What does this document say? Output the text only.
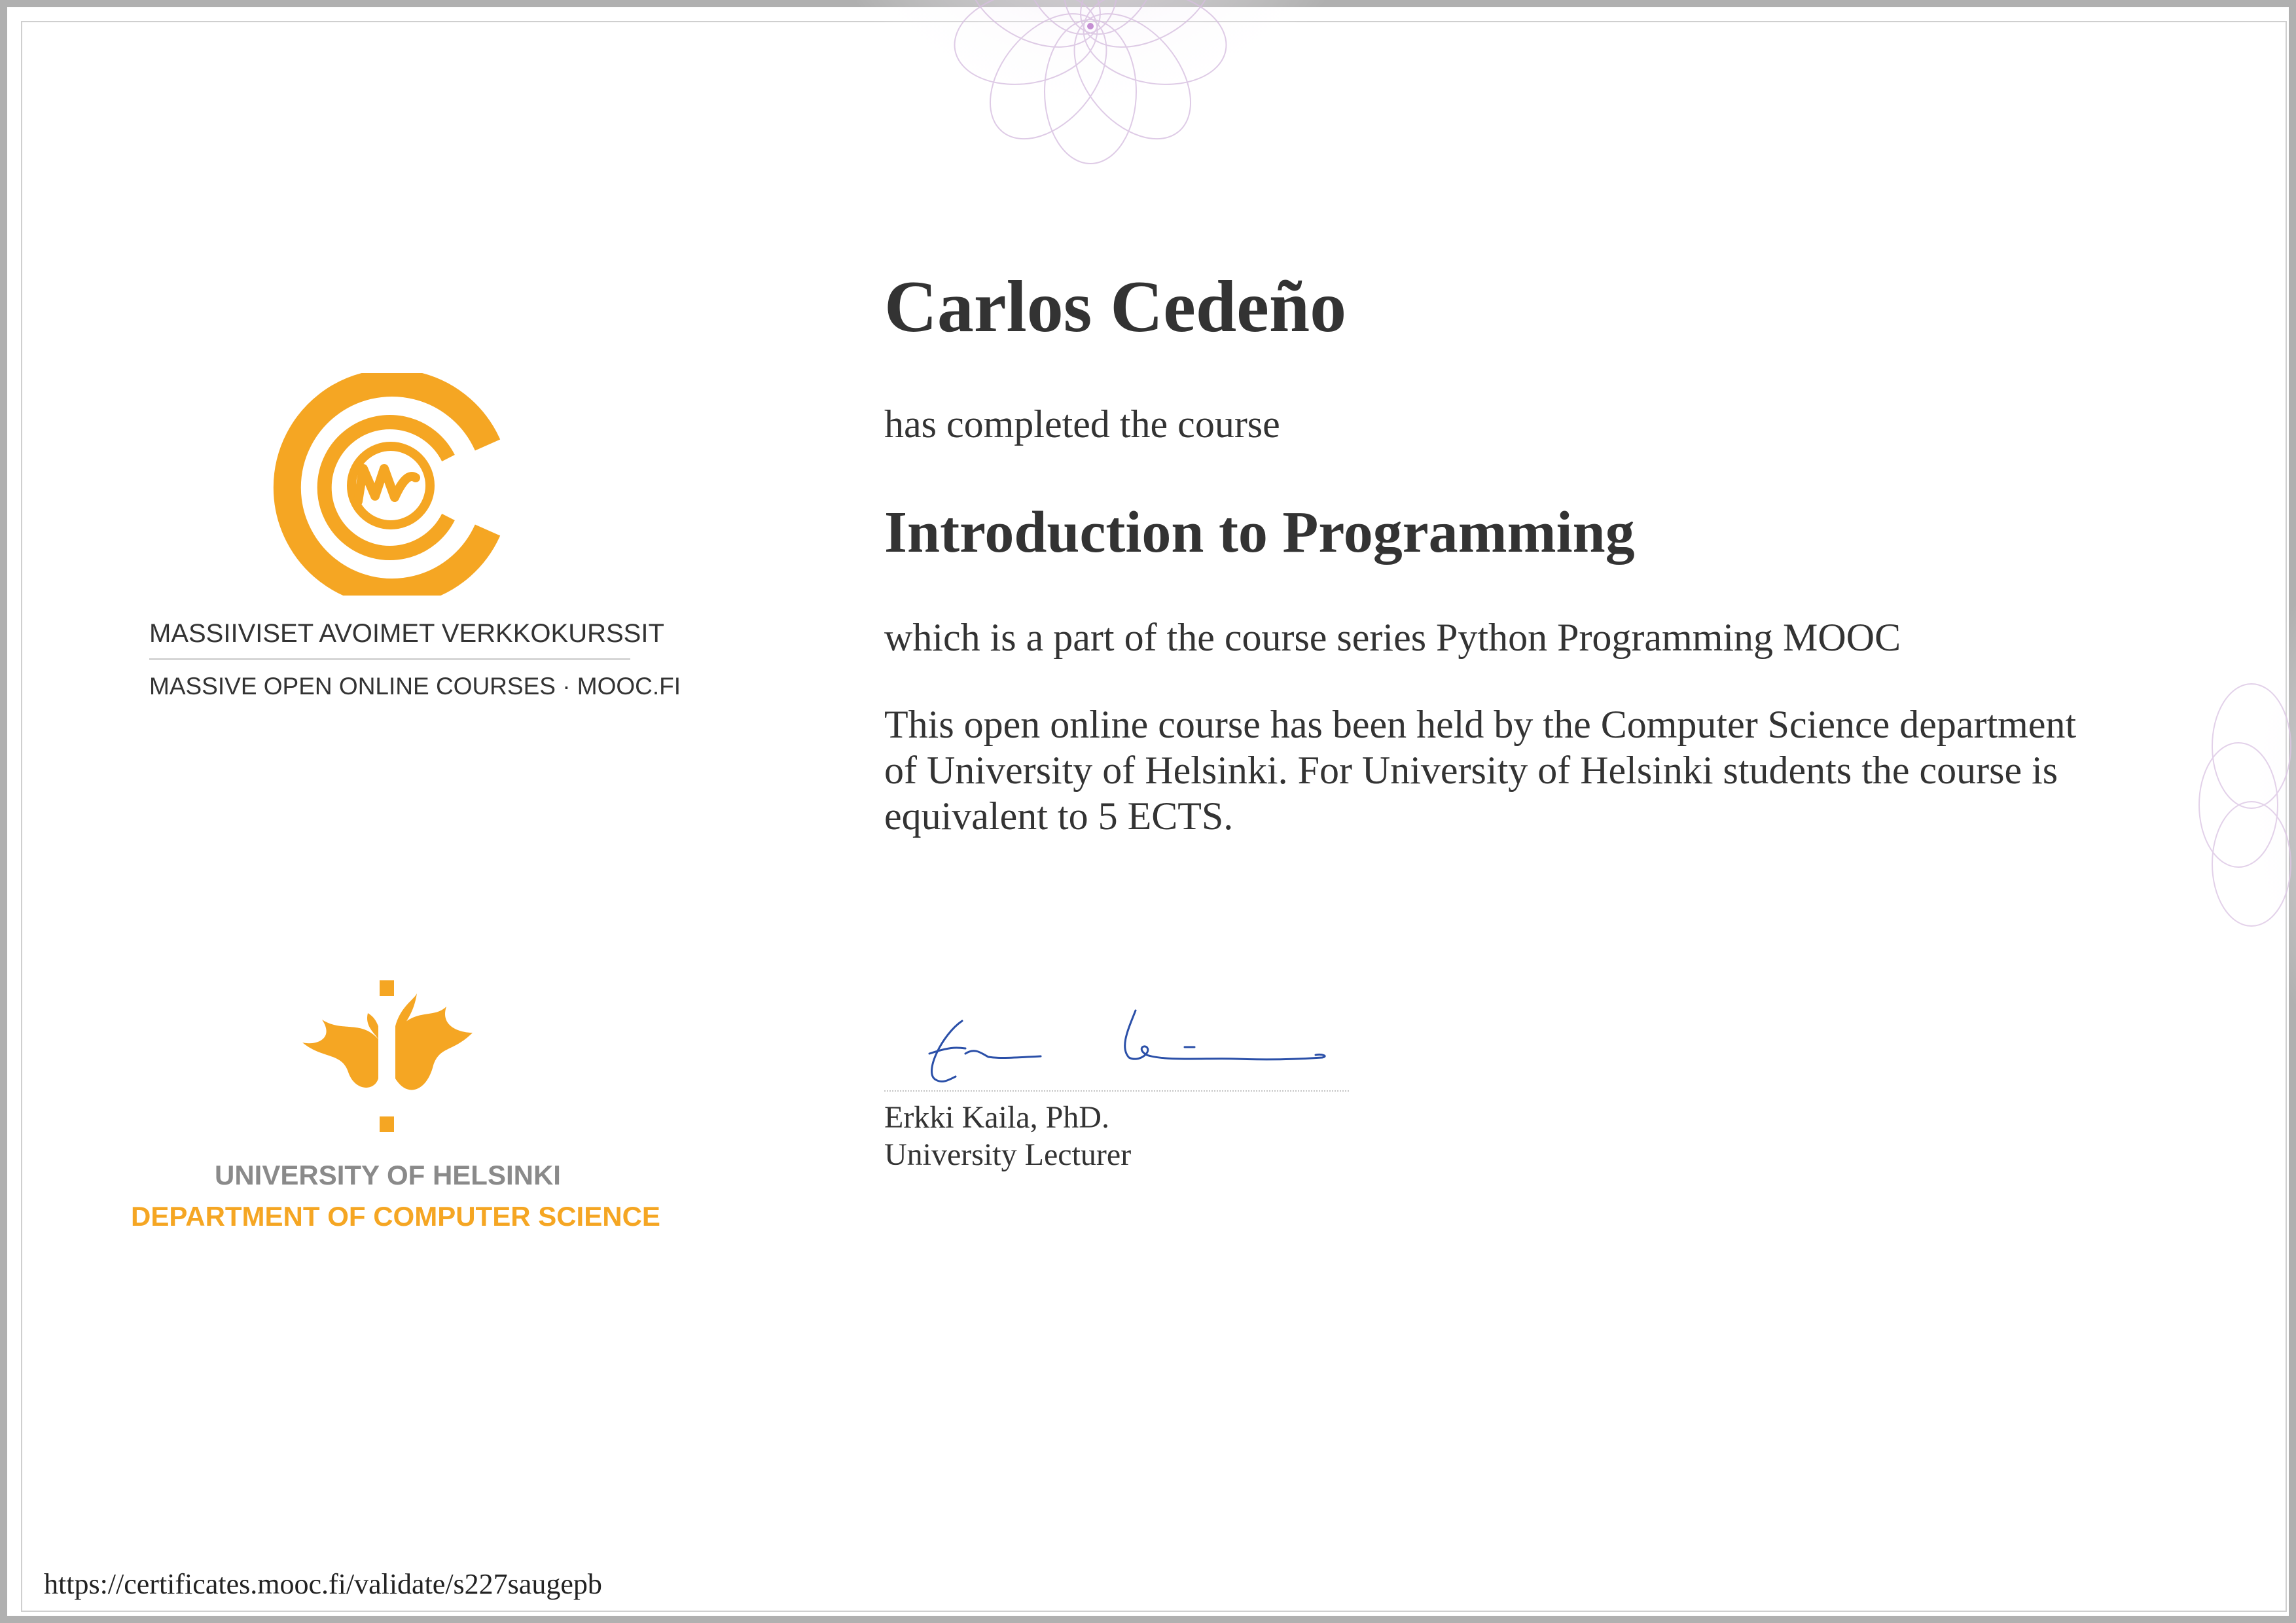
MASSIIVISET AVOIMET VERKKOKURSSIT
MASSIVE OPEN ONLINE COURSES · MOOC.FI
UNIVERSITY OF HELSINKI
DEPARTMENT OF COMPUTER SCIENCE
Carlos Cedeño
has completed the course
Introduction to Programming
which is a part of the course series Python Programming MOOC
This open online course has been held by the Computer Science department of University of Helsinki. For University of Helsinki students the course is equivalent to 5 ECTS.
Erkki Kaila, PhD.
University Lecturer
https://certificates.mooc.fi/validate/s227saugepb
